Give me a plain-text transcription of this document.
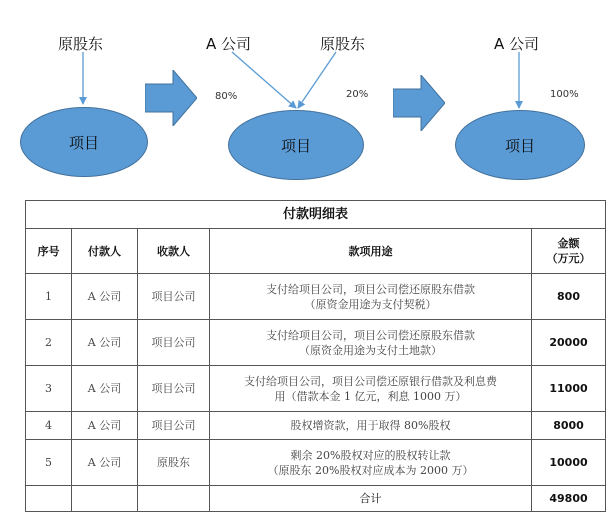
原股东
项目
A 公司	原股东
80%	20%
项目
A 公司
100%
项目
付款明细表				
序号	付款人	收款人	款项用途	金额
（万元）

1	A 公司	项目公司	支付给项目公司，项目公司偿还原股东借款
（原资金用途为支付契税）	800
2	A 公司	项目公司	支付给项目公司，项目公司偿还原股东借款
（原资金用途为支付土地款）	20000
3	A 公司	项目公司	支付给项目公司，项目公司偿还原银行借款及利息费
用（借款本金 1 亿元，利息 1000 万）	11000
4	A 公司	项目公司	股权增资款，用于取得 80%股权	8000
5	A 公司	原股东	剩余 20%股权对应的股权转让款
（原股东 20%股权对应成本为 2000 万）	10000
			合计	49800
